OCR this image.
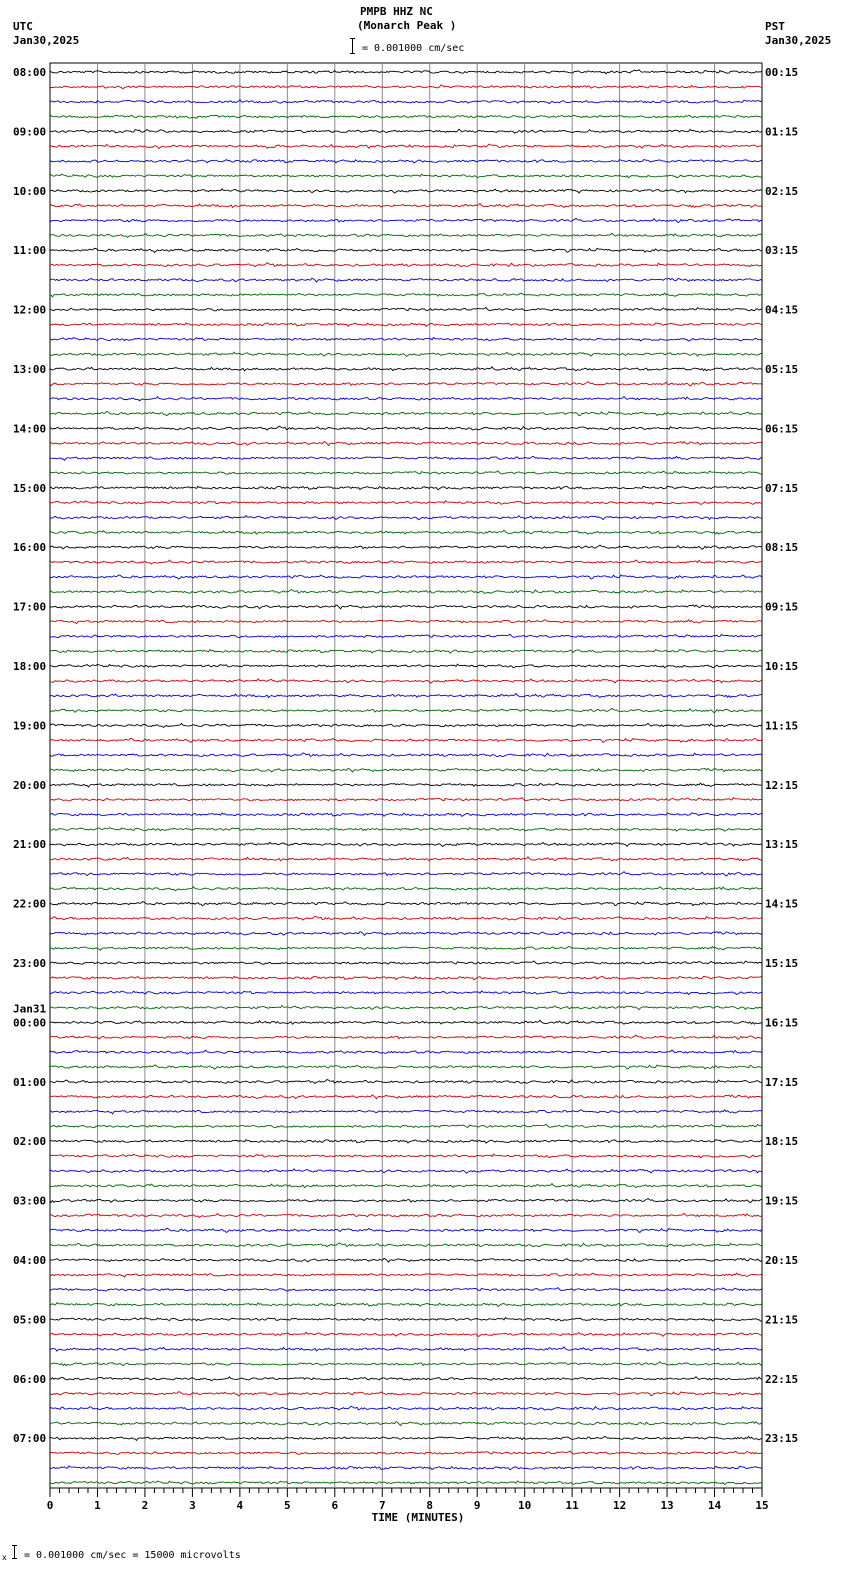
PMPB HHZ NC
(Monarch Peak )
UTC
Jan30,2025
PST
Jan30,2025
= 0.001000 cm/sec
08:00	00:15
09:00	01:15
10:00	02:15
11:00	03:15
12:00	04:15
13:00	05:15
14:00	06:15
15:00	07:15
16:00	08:15
17:00	09:15
18:00	10:15
19:00	11:15
20:00	12:15
21:00	13:15
22:00	14:15
23:00	15:15
00:00	16:15
Jan31
01:00	17:15
02:00	18:15
03:00	19:15
04:00	20:15
05:00	21:15
06:00	22:15
07:00	23:15
0	1	2	3	4	5	6	7	8	9	10	11	12	13	14	15
TIME (MINUTES)
x = 0.001000 cm/sec = 15000 microvolts
